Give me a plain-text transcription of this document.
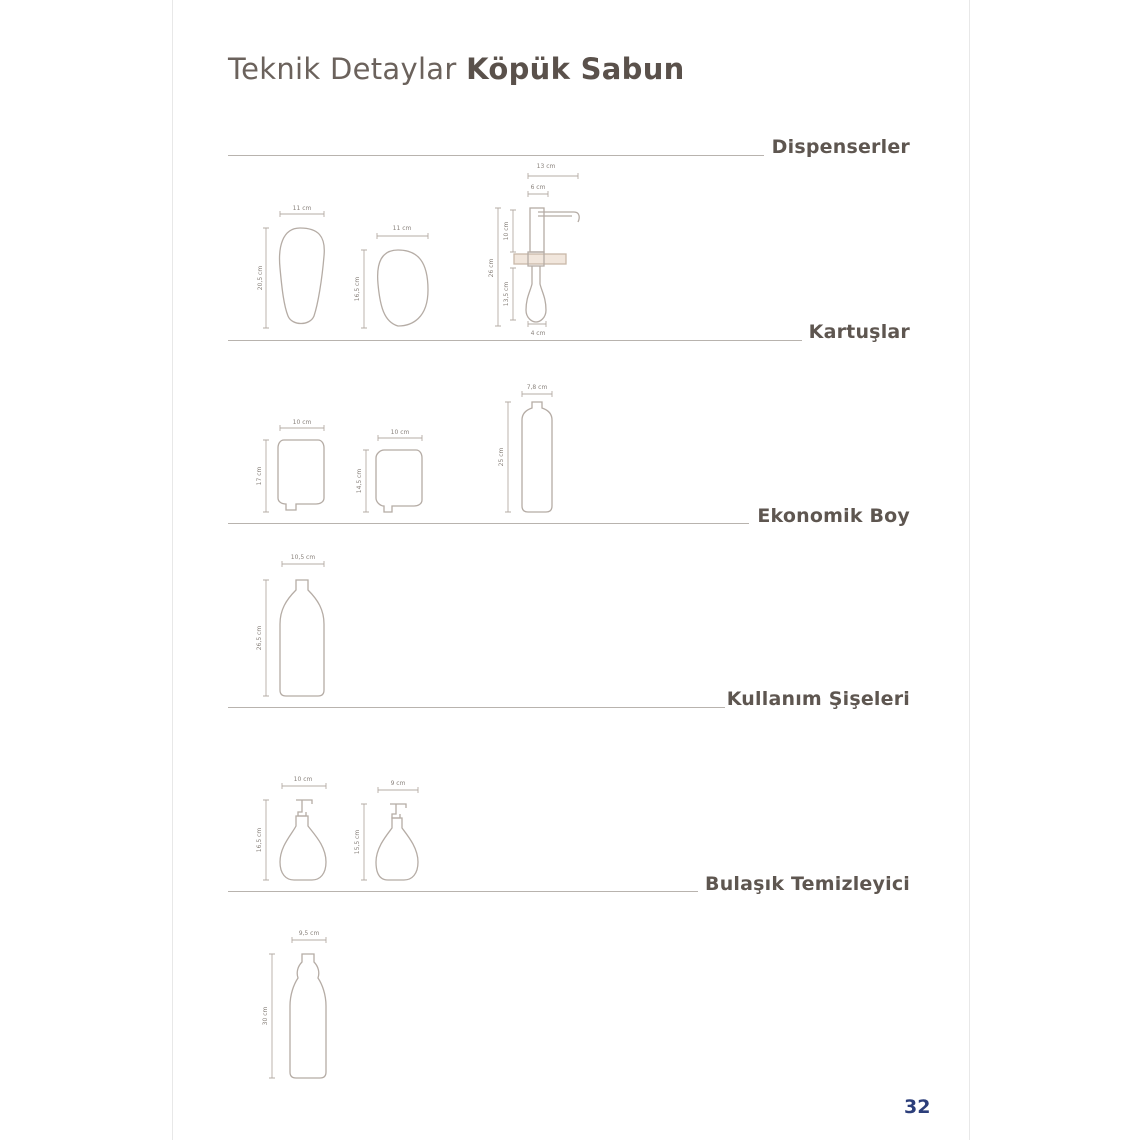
Teknik Detaylar Köpük Sabun
Dispenserler
Kartuşlar
Ekonomik Boy
Kullanım Şişeleri
Bulaşık Temizleyici
32
11 cm
20,5 cm
11 cm
16,5 cm
13 cm
6 cm
4 cm
26 cm
10 cm
13,5 cm
10 cm
17 cm
10 cm
14,5 cm
7,8 cm
25 cm
10,5 cm
26,5 cm
10 cm
16,5 cm
9 cm
15,5 cm
9,5 cm
30 cm
